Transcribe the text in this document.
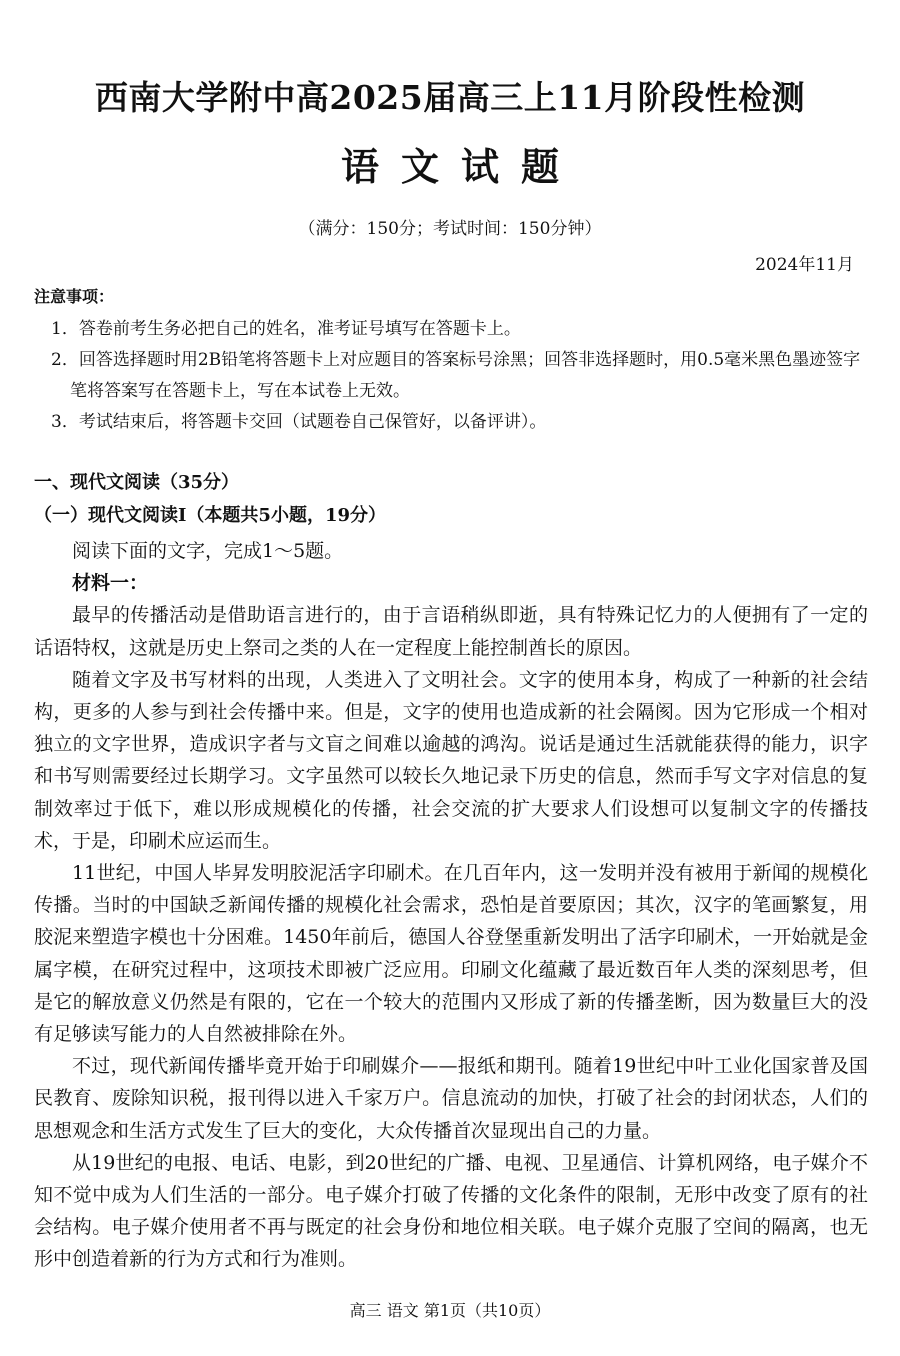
西南大学附中高2025届高三上11月阶段性检测
语文试题
（满分：150分；考试时间：150分钟）
2024年11月
注意事项：
1．答卷前考生务必把自己的姓名，准考证号填写在答题卡上。
2．回答选择题时用2B铅笔将答题卡上对应题目的答案标号涂黑；回答非选择题时，用0.5毫米黑色墨迹签字笔将答案写在答题卡上，写在本试卷上无效。
3．考试结束后，将答题卡交回（试题卷自己保管好，以备评讲）。
一、现代文阅读（35分）
（一）现代文阅读Ⅰ（本题共5小题，19分）

阅读下面的文字，完成1～5题。

材料一：

最早的传播活动是借助语言进行的，由于言语稍纵即逝，具有特殊记忆力的人便拥有了一定的话语特权，这就是历史上祭司之类的人在一定程度上能控制酋长的原因。

随着文字及书写材料的出现，人类进入了文明社会。文字的使用本身，构成了一种新的社会结构，更多的人参与到社会传播中来。但是，文字的使用也造成新的社会隔阂。因为它形成一个相对独立的文字世界，造成识字者与文盲之间难以逾越的鸿沟。说话是通过生活就能获得的能力，识字和书写则需要经过长期学习。文字虽然可以较长久地记录下历史的信息，然而手写文字对信息的复制效率过于低下，难以形成规模化的传播，社会交流的扩大要求人们设想可以复制文字的传播技术，于是，印刷术应运而生。

11世纪，中国人毕昇发明胶泥活字印刷术。在几百年内，这一发明并没有被用于新闻的规模化传播。当时的中国缺乏新闻传播的规模化社会需求，恐怕是首要原因；其次，汉字的笔画繁复，用胶泥来塑造字模也十分困难。1450年前后，德国人谷登堡重新发明出了活字印刷术，一开始就是金属字模，在研究过程中，这项技术即被广泛应用。印刷文化蕴藏了最近数百年人类的深刻思考，但是它的解放意义仍然是有限的，它在一个较大的范围内又形成了新的传播垄断，因为数量巨大的没有足够读写能力的人自然被排除在外。

不过，现代新闻传播毕竟开始于印刷媒介——报纸和期刊。随着19世纪中叶工业化国家普及国民教育、废除知识税，报刊得以进入千家万户。信息流动的加快，打破了社会的封闭状态，人们的思想观念和生活方式发生了巨大的变化，大众传播首次显现出自己的力量。

从19世纪的电报、电话、电影，到20世纪的广播、电视、卫星通信、计算机网络，电子媒介不知不觉中成为人们生活的一部分。电子媒介打破了传播的文化条件的限制，无形中改变了原有的社会结构。电子媒介使用者不再与既定的社会身份和地位相关联。电子媒介克服了空间的隔离，也无形中创造着新的行为方式和行为准则。

高三 语文 第1页（共10页）
